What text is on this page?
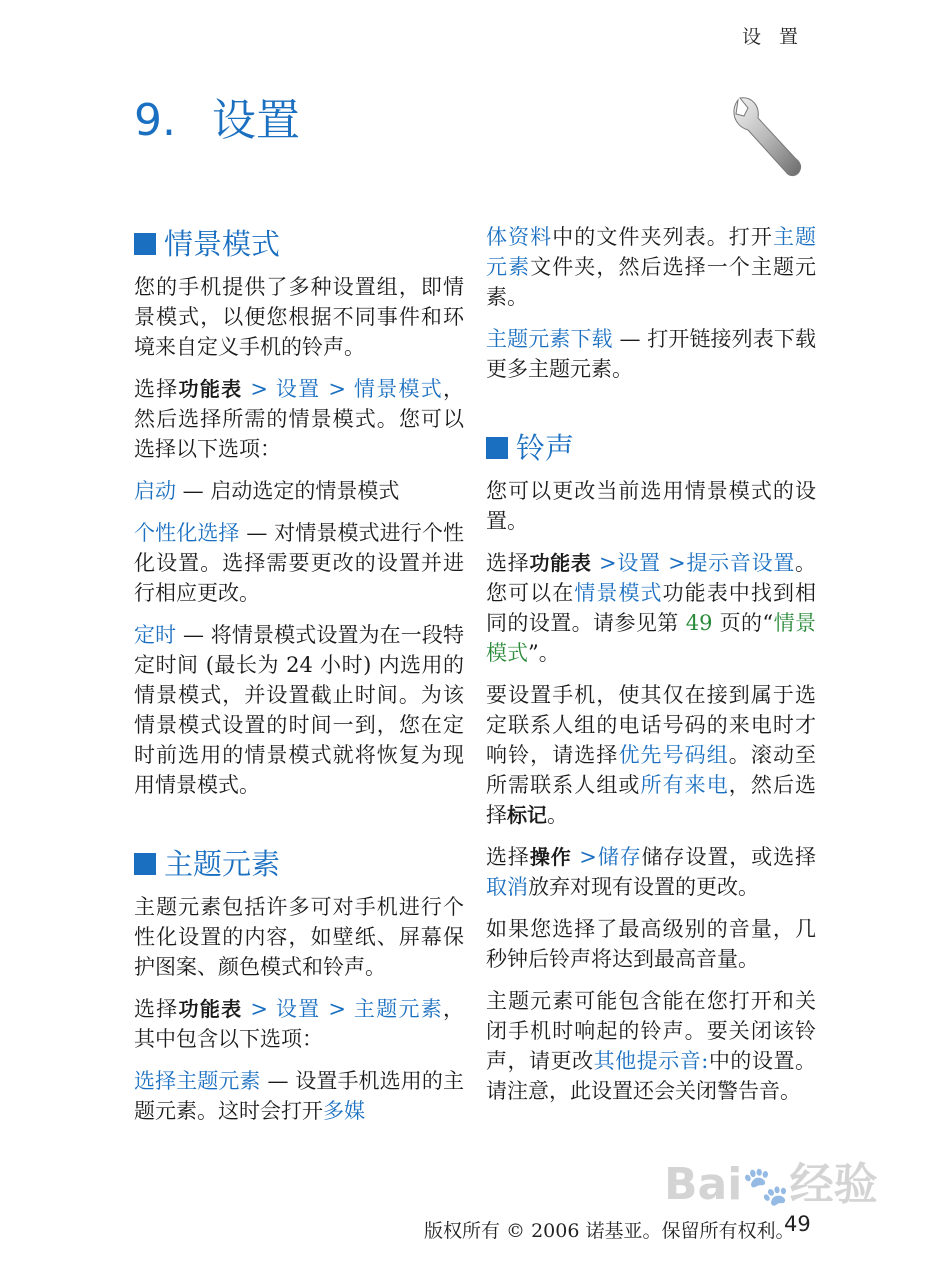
设 置
9. 设置
情景模式

您的手机提供了多种设置组，即情景模式，以便您根据不同事件和环境来自定义手机的铃声。

选择功能表 > 设置 > 情景模式，然后选择所需的情景模式。您可以选择以下选项：

启动 — 启动选定的情景模式

个性化选择 — 对情景模式进行个性化设置。选择需要更改的设置并进行相应更改。

定时 — 将情景模式设置为在一段特定时间 (最长为 24 小时) 内选用的情景模式，并设置截止时间。为该情景模式设置的时间一到，您在定时前选用的情景模式就将恢复为现用情景模式。

主题元素

主题元素包括许多可对手机进行个性化设置的内容，如壁纸、屏幕保护图案、颜色模式和铃声。

选择功能表 > 设置 > 主题元素，其中包含以下选项：

选择主题元素 — 设置手机选用的主题元素。这时会打开多媒

体资料中的文件夹列表。打开主题元素文件夹，然后选择一个主题元素。

主题元素下载 — 打开链接列表下载更多主题元素。

铃声

您可以更改当前选用情景模式的设置。

选择功能表 >设置 >提示音设置。您可以在情景模式功能表中找到相同的设置。请参见第 49 页的“情景模式”。

要设置手机，使其仅在接到属于选定联系人组的电话号码的来电时才响铃，请选择优先号码组。滚动至所需联系人组或所有来电，然后选择标记。

选择操作 >储存储存设置，或选择取消放弃对现有设置的更改。

如果您选择了最高级别的音量，几秒钟后铃声将达到最高音量。

主题元素可能包含能在您打开和关闭手机时响起的铃声。要关闭该铃声，请更改其他提示音:中的设置。请注意，此设置还会关闭警告音。

Bai🐾经验
版权所有 © 2006 诺基亚。保留所有权利。
49
